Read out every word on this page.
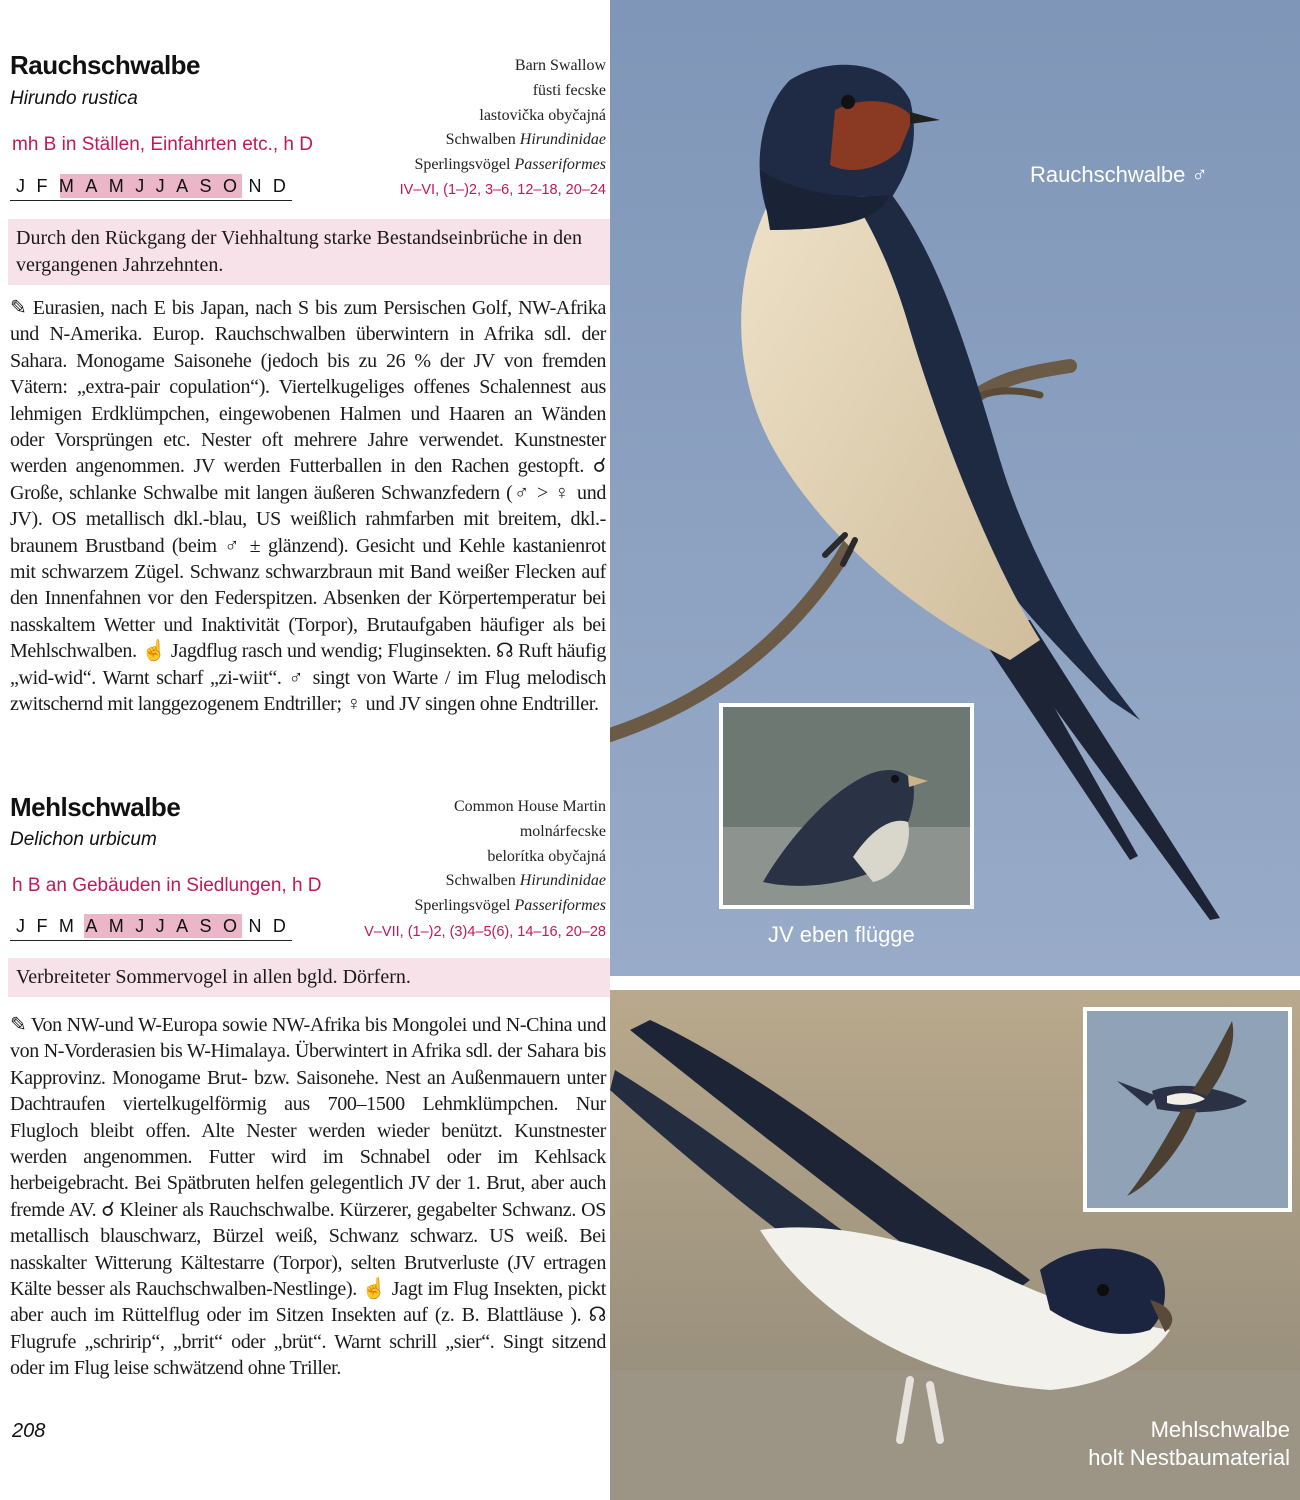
Rauchschwalbe
Hirundo rustica
mh B in Ställen, Einfahrten etc., h D
Barn Swallow
füsti fecske
lastovička obyčajná
Schwalben Hirundinidae
Sperlingsvögel Passeriformes
J F M A M J J A S O N D	IV–VI, (1–)2, 3–6, 12–18, 20–24
Durch den Rückgang der Viehhaltung starke Bestandseinbrüche in den vergangenen Jahrzehnten.
✎ Eurasien, nach E bis Japan, nach S bis zum Persischen Golf, NW-Afrika und N-Amerika. Europ. Rauchschwalben überwintern in Afrika sdl. der Sahara. Monogame Saisonehe (jedoch bis zu 26 % der JV von fremden Vätern: „extra-pair copulation“). Viertelkugeliges offenes Schalennest aus lehmigen Erdklümpchen, eingewobenen Halmen und Haaren an Wänden oder Vorsprüngen etc. Nester oft mehrere Jahre verwendet. Kunstnester werden angenommen. JV werden Futterballen in den Rachen gestopft. ☌ Große, schlanke Schwalbe mit langen äußeren Schwanzfedern (♂ > ♀ und JV). OS metallisch dkl.-blau, US weißlich rahmfarben mit breitem, dkl.-braunem Brustband (beim ♂ ± glänzend). Gesicht und Kehle kastanienrot mit schwarzem Zügel. Schwanz schwarzbraun mit Band weißer Flecken auf den Innenfahnen vor den Federspitzen. Absenken der Körpertemperatur bei nasskaltem Wetter und Inaktivität (Torpor), Brutaufgaben häufiger als bei Mehlschwalben. ☝ Jagdflug rasch und wendig; Fluginsekten. ☊ Ruft häufig „wid-wid“. Warnt scharf „zi-wiit“. ♂ singt von Warte / im Flug melodisch zwitschernd mit langgezogenem Endtriller; ♀ und JV singen ohne Endtriller.
Mehlschwalbe
Delichon urbicum
h B an Gebäuden in Siedlungen, h D
Common House Martin
molnárfecske
belorítka obyčajná
Schwalben Hirundinidae
Sperlingsvögel Passeriformes
J F M A M J J A S O N D	V–VII, (1–)2, (3)4–5(6), 14–16, 20–28
Verbreiteter Sommervogel in allen bgld. Dörfern.
✎ Von NW-und W-Europa sowie NW-Afrika bis Mongolei und N-China und von N-Vorderasien bis W-Himalaya. Überwintert in Afrika sdl. der Sahara bis Kapprovinz. Monogame Brut- bzw. Saisonehe. Nest an Außenmauern unter Dachtraufen viertelkugelförmig aus 700–1500 Lehmklümpchen. Nur Flugloch bleibt offen. Alte Nester werden wieder benützt. Kunstnester werden angenommen. Futter wird im Schnabel oder im Kehlsack herbeigebracht. Bei Spätbruten helfen gelegentlich JV der 1. Brut, aber auch fremde AV. ☌ Kleiner als Rauchschwalbe. Kürzerer, gegabelter Schwanz. OS metallisch blauschwarz, Bürzel weiß, Schwanz schwarz. US weiß. Bei nasskalter Witterung Kältestarre (Torpor), selten Brutverluste (JV ertragen Kälte besser als Rauchschwalben-Nestlinge). ☝ Jagt im Flug Insekten, pickt aber auch im Rüttelflug oder im Sitzen Insekten auf (z. B. Blattläuse ). ☊ Flugrufe „schririp“, „brrit“ oder „brüt“. Warnt schrill „sier“. Singt sitzend oder im Flug leise schwätzend ohne Triller.
208
Rauchschwalbe ♂
JV eben flügge
Mehlschwalbe
holt Nestbaumaterial
